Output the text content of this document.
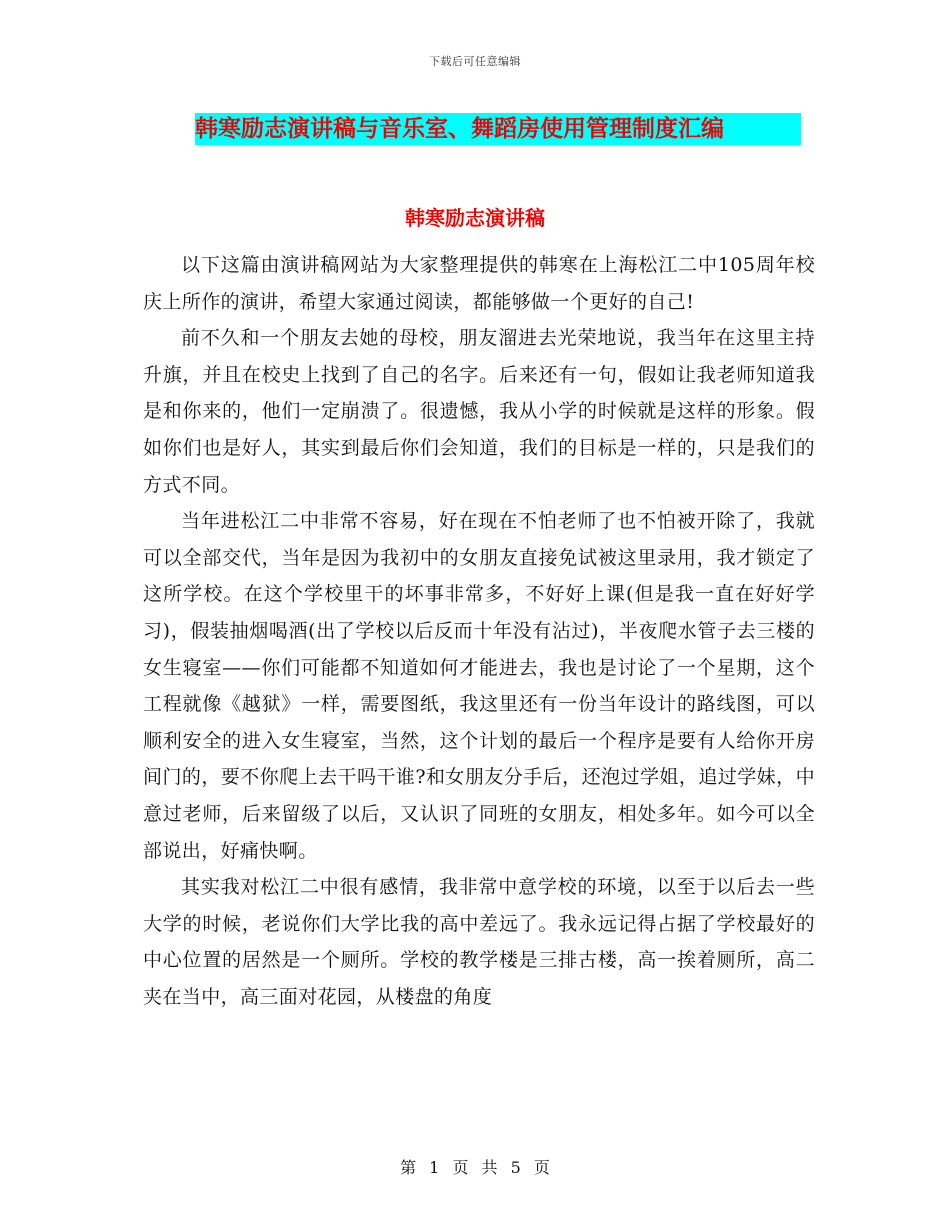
下载后可任意编辑
韩寒励志演讲稿与音乐室、舞蹈房使用管理制度汇编
韩寒励志演讲稿

以下这篇由演讲稿网站为大家整理提供的韩寒在上海松江二中105周年校庆上所作的演讲，希望大家通过阅读，都能够做一个更好的自己!

前不久和一个朋友去她的母校，朋友溜进去光荣地说，我当年在这里主持升旗，并且在校史上找到了自己的名字。后来还有一句，假如让我老师知道我是和你来的，他们一定崩溃了。很遗憾，我从小学的时候就是这样的形象。假如你们也是好人，其实到最后你们会知道，我们的目标是一样的，只是我们的方式不同。

当年进松江二中非常不容易，好在现在不怕老师了也不怕被开除了，我就可以全部交代，当年是因为我初中的女朋友直接免试被这里录用，我才锁定了这所学校。在这个学校里干的坏事非常多，不好好上课(但是我一直在好好学习)，假装抽烟喝酒(出了学校以后反而十年没有沾过)，半夜爬水管子去三楼的女生寝室——你们可能都不知道如何才能进去，我也是讨论了一个星期，这个工程就像《越狱》一样，需要图纸，我这里还有一份当年设计的路线图，可以顺利安全的进入女生寝室，当然，这个计划的最后一个程序是要有人给你开房间门的，要不你爬上去干吗干谁?和女朋友分手后，还泡过学姐，追过学妹，中意过老师，后来留级了以后，又认识了同班的女朋友，相处多年。如今可以全部说出，好痛快啊。

其实我对松江二中很有感情，我非常中意学校的环境，以至于以后去一些大学的时候，老说你们大学比我的高中差远了。我永远记得占据了学校最好的中心位置的居然是一个厕所。学校的教学楼是三排古楼，高一挨着厕所，高二夹在当中，高三面对花园，从楼盘的角度

第 1 页 共 5 页
